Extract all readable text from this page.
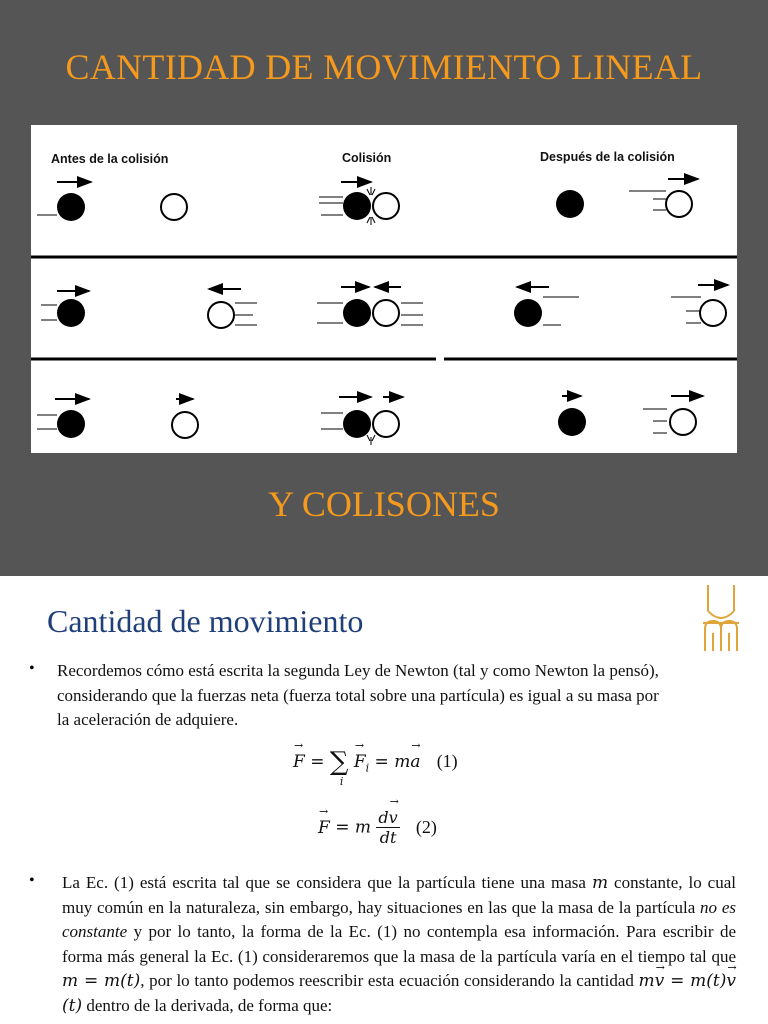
CANTIDAD DE MOVIMIENTO LINEAL
Antes de la colisión	Colisión	Después de la colisión
Y COLISONES
Cantidad de movimiento
• Recordemos cómo está escrita la segunda Ley de Newton (tal y como Newton la pensó),
considerando que la fuerzas neta (fuerza total sobre una partícula) es igual a su masa por
la aceleración de adquiere.
→ F = ∑
i
→ $F_i = m\to a$ (1)
→ F = m $\frac{d\to v}{dt} (2)$
• La Ec. (1) está escrita tal que se considera que la partícula tiene una masa m constante, lo cual muy común en la naturaleza, sin embargo, hay situaciones en las que la masa de la partícula no es constante y por lo tanto, la forma de la Ec. (1) no contempla esa información. Para escribir de forma más general la Ec. (1) consideraremos que la masa de la partícula varía en el tiempo tal que m = m(t), por lo tanto podemos reescribir esta ecuación considerando la cantidad m→ v = m(t)→ v(t) dentro de la derivada, de forma que:
